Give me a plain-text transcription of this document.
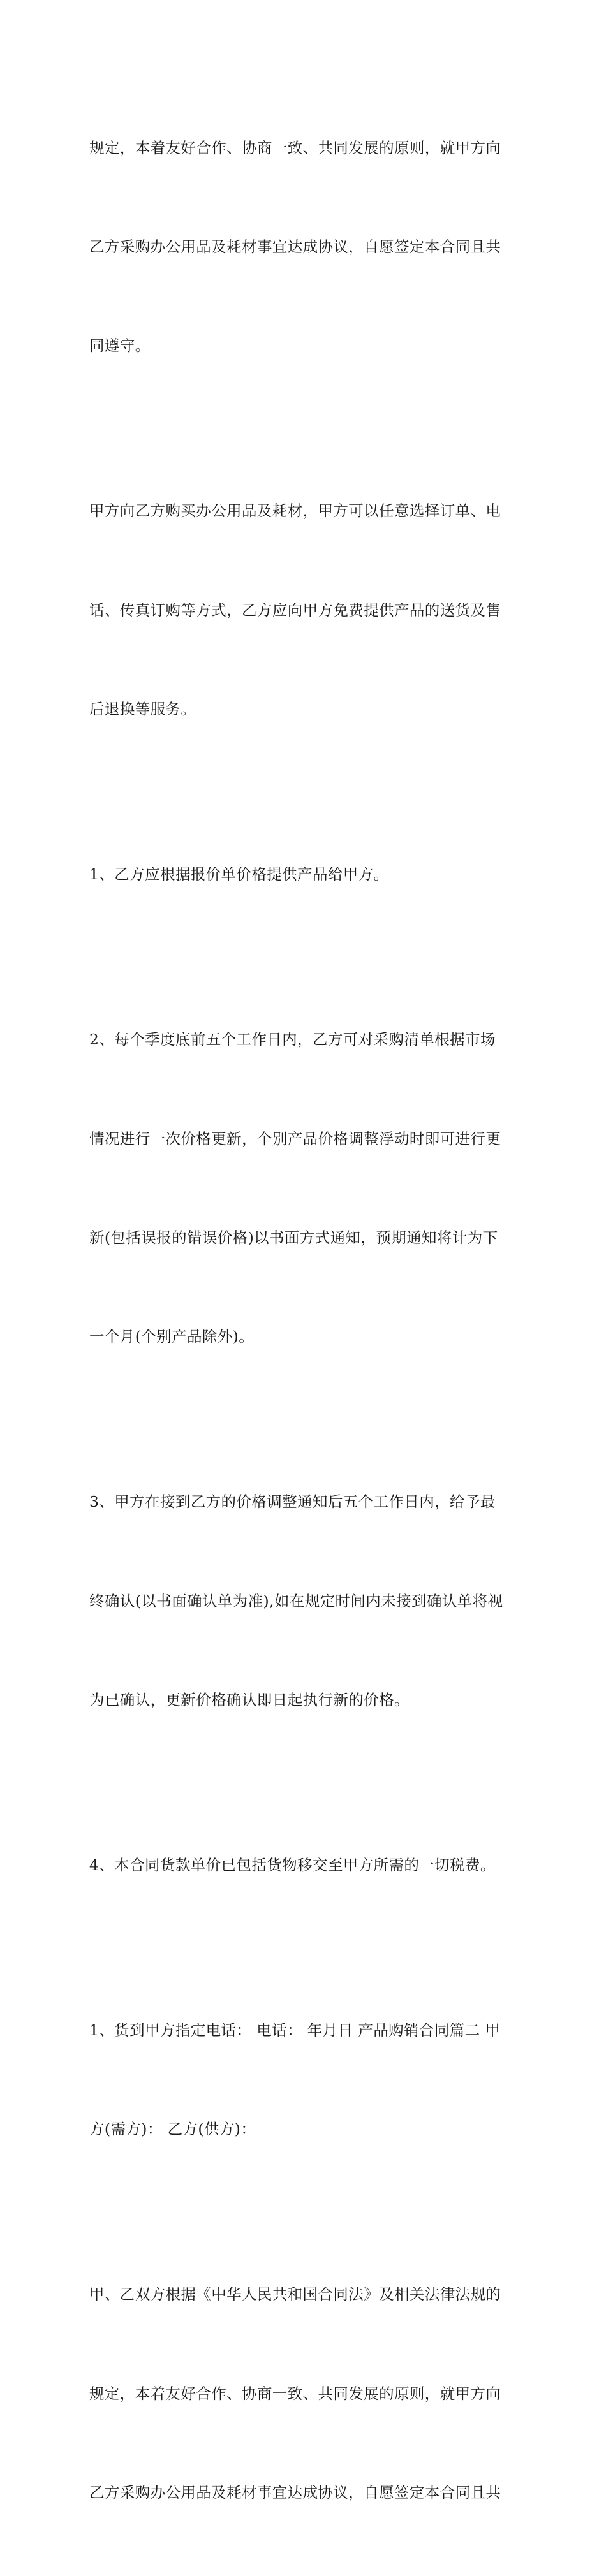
规定，本着友好合作、协商一致、共同发展的原则，就甲方向

乙方采购办公用品及耗材事宜达成协议，自愿签定本合同且共

同遵守。

甲方向乙方购买办公用品及耗材，甲方可以任意选择订单、电

话、传真订购等方式，乙方应向甲方免费提供产品的送货及售

后退换等服务。

1、乙方应根据报价单价格提供产品给甲方。

2、每个季度底前五个工作日内，乙方可对采购清单根据市场

情况进行一次价格更新，个别产品价格调整浮动时即可进行更

新(包括误报的错误价格)以书面方式通知，预期通知将计为下

一个月(个别产品除外)。

3、甲方在接到乙方的价格调整通知后五个工作日内，给予最

终确认(以书面确认单为准),如在规定时间内未接到确认单将视

为已确认，更新价格确认即日起执行新的价格。

4、本合同货款单价已包括货物移交至甲方所需的一切税费。

1、货到甲方指定电话： 电话： 年月日 产品购销合同篇二 甲

方(需方)： 乙方(供方)：

甲、乙双方根据《中华人民共和国合同法》及相关法律法规的

规定，本着友好合作、协商一致、共同发展的原则，就甲方向

乙方采购办公用品及耗材事宜达成协议，自愿签定本合同且共
